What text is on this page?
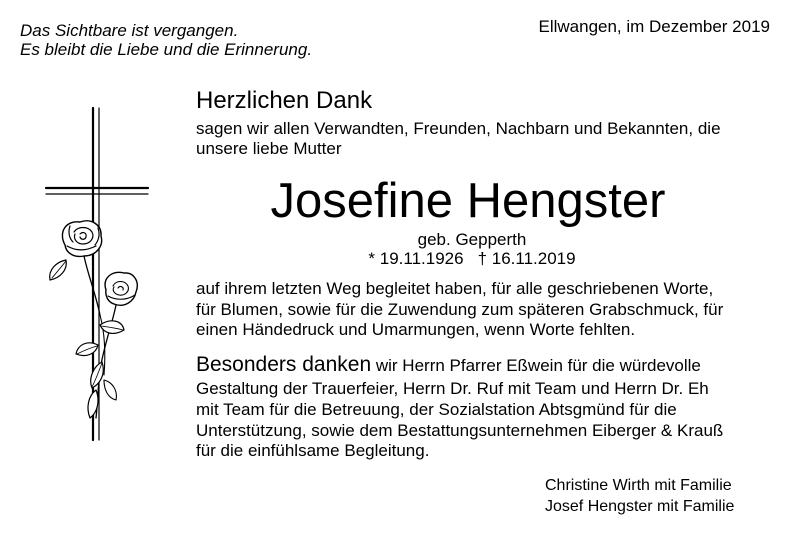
Das Sichtbare ist vergangen.

Es bleibt die Liebe und die Erinnerung.

Ellwangen, im Dezember 2019

Herzlichen Dank

sagen wir allen Verwandten, Freunden, Nachbarn und Bekannten, die

unsere liebe Mutter

Josefine Hengster

geb. Gepperth

* 19.11.1926 † 16.11.2019

auf ihrem letzten Weg begleitet haben, für alle geschriebenen Worte,

für Blumen, sowie für die Zuwendung zum späteren Grabschmuck, für

einen Händedruck und Umarmungen, wenn Worte fehlten.

Besonders danken wir Herrn Pfarrer Eßwein für die würdevolle

Gestaltung der Trauerfeier, Herrn Dr. Ruf mit Team und Herrn Dr. Eh

mit Team für die Betreuung, der Sozialstation Abtsgmünd für die

Unterstützung, sowie dem Bestattungsunternehmen Eiberger & Krauß

für die einfühlsame Begleitung.

Christine Wirth mit Familie

Josef Hengster mit Familie
